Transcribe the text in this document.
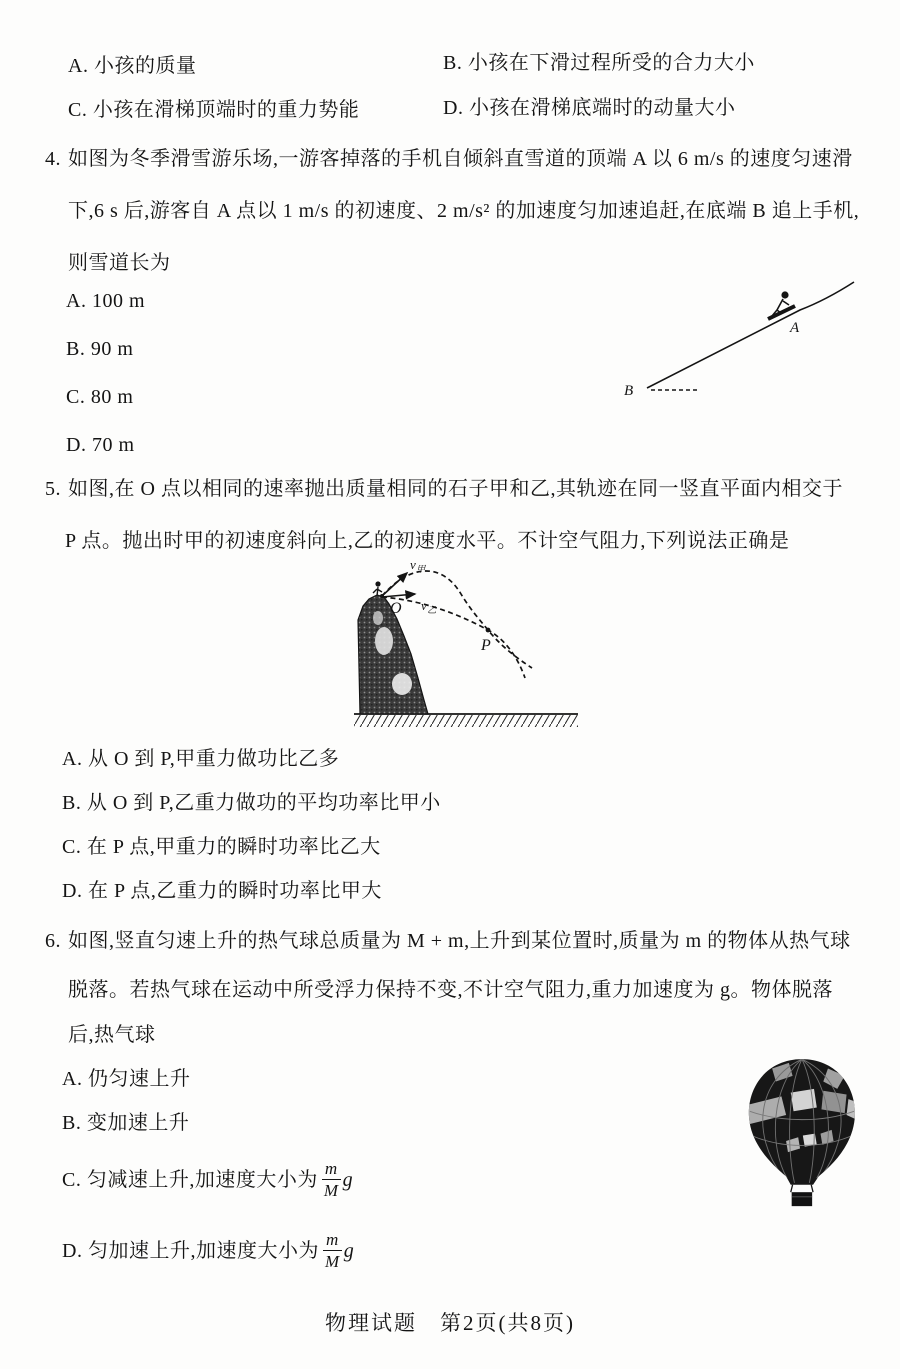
A. 小孩的质量	B. 小孩在下滑过程所受的合力大小
C. 小孩在滑梯顶端时的重力势能	D. 小孩在滑梯底端时的动量大小
4. 如图为冬季滑雪游乐场,一游客掉落的手机自倾斜直雪道的顶端 A 以 6 m/s 的速度匀速滑
下,6 s 后,游客自 A 点以 1 m/s 的初速度、2 m/s² 的加速度匀加速追赶,在底端 B 追上手机,
则雪道长为
A. 100 m
B. 90 m
C. 80 m
D. 70 m
A
B
5. 如图,在 O 点以相同的速率抛出质量相同的石子甲和乙,其轨迹在同一竖直平面内相交于
P 点。抛出时甲的初速度斜向上,乙的初速度水平。不计空气阻力,下列说法正确是
$v_甲$
$v_乙$
O
P
A. 从 O 到 P,甲重力做功比乙多
B. 从 O 到 P,乙重力做功的平均功率比甲小
C. 在 P 点,甲重力的瞬时功率比乙大
D. 在 P 点,乙重力的瞬时功率比甲大
6. 如图,竖直匀速上升的热气球总质量为 M + m,上升到某位置时,质量为 m 的物体从热气球
脱落。若热气球在运动中所受浮力保持不变,不计空气阻力,重力加速度为 g。物体脱落
后,热气球
A. 仍匀速上升
B. 变加速上升
C. 匀减速上升,加速度大小为 $\frac{m}{M}$ g
D. 匀加速上升,加速度大小为 $\frac{m}{M}$ g
物理试题　第2页(共8页)
